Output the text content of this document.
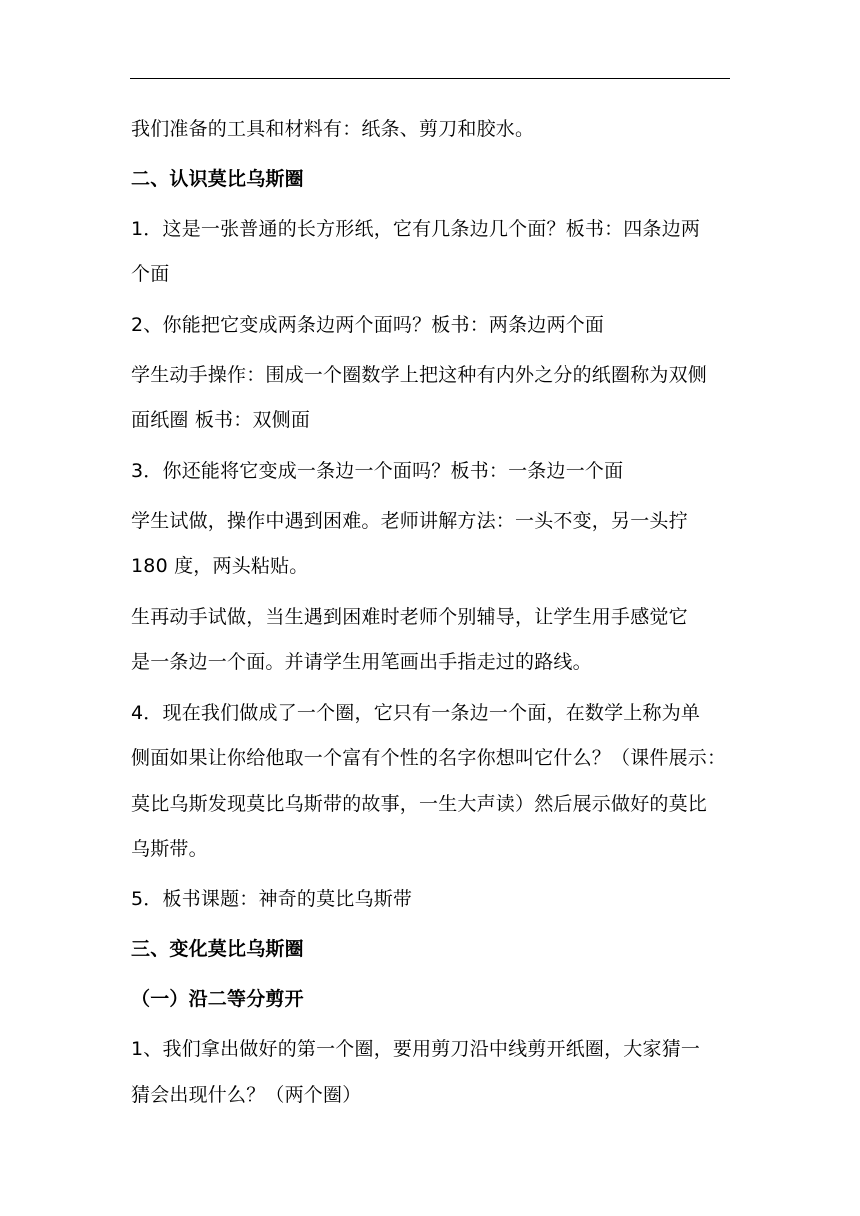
我们准备的工具和材料有：纸条、剪刀和胶水。
二、认识莫比乌斯圈
1．这是一张普通的长方形纸，它有几条边几个面？板书：四条边两
个面
2、你能把它变成两条边两个面吗？板书：两条边两个面
学生动手操作：围成一个圈数学上把这种有内外之分的纸圈称为双侧
面纸圈 板书：双侧面
3．你还能将它变成一条边一个面吗？板书：一条边一个面
学生试做，操作中遇到困难。老师讲解方法：一头不变，另一头拧
180 度，两头粘贴。
生再动手试做，当生遇到困难时老师个别辅导，让学生用手感觉它
是一条边一个面。并请学生用笔画出手指走过的路线。
4．现在我们做成了一个圈，它只有一条边一个面，在数学上称为单
侧面如果让你给他取一个富有个性的名字你想叫它什么？（课件展示：
莫比乌斯发现莫比乌斯带的故事，一生大声读）然后展示做好的莫比
乌斯带。
5．板书课题：神奇的莫比乌斯带
三、变化莫比乌斯圈
（一）沿二等分剪开
1、我们拿出做好的第一个圈，要用剪刀沿中线剪开纸圈，大家猜一
猜会出现什么？（两个圈）
